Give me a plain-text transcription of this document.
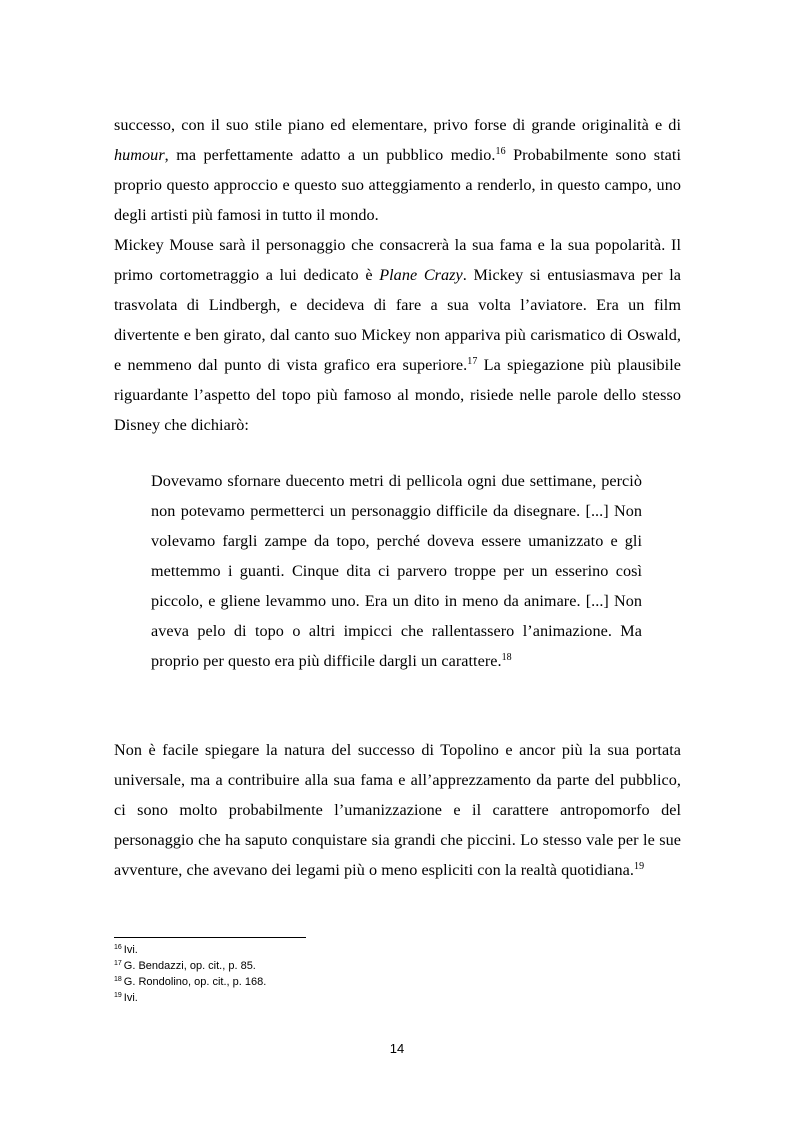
successo, con il suo stile piano ed elementare, privo forse di grande originalità e di humour, ma perfettamente adatto a un pubblico medio.$^{16}$ Probabilmente sono stati proprio questo approccio e questo suo atteggiamento a renderlo, in questo campo, uno degli artisti più famosi in tutto il mondo.

Mickey Mouse sarà il personaggio che consacrerà la sua fama e la sua popolarità. Il primo cortometraggio a lui dedicato è Plane Crazy. Mickey si entusiasmava per la trasvolata di Lindbergh, e decideva di fare a sua volta l’aviatore. Era un film divertente e ben girato, dal canto suo Mickey non appariva più carismatico di Oswald, e nemmeno dal punto di vista grafico era superiore.$^{17}$ La spiegazione più plausibile riguardante l’aspetto del topo più famoso al mondo, risiede nelle parole dello stesso Disney che dichiarò:

Dovevamo sfornare duecento metri di pellicola ogni due settimane, perciò non potevamo permetterci un personaggio difficile da disegnare. [...] Non volevamo fargli zampe da topo, perché doveva essere umanizzato e gli mettemmo i guanti. Cinque dita ci parvero troppe per un esserino così piccolo, e gliene levammo uno. Era un dito in meno da animare. [...] Non aveva pelo di topo o altri impicci che rallentassero l’animazione. Ma proprio per questo era più difficile dargli un carattere.$^{18}$

Non è facile spiegare la natura del successo di Topolino e ancor più la sua portata universale, ma a contribuire alla sua fama e all’apprezzamento da parte del pubblico, ci sono molto probabilmente l’umanizzazione e il carattere antropomorfo del personaggio che ha saputo conquistare sia grandi che piccini. Lo stesso vale per le sue avventure, che avevano dei legami più o meno espliciti con la realtà quotidiana.$^{19}$

$^{16}$ Ivi.
$^{17}$ G. Bendazzi, op. cit., p. 85.
$^{18}$ G. Rondolino, op. cit., p. 168.
$^{19}$ Ivi.
14
